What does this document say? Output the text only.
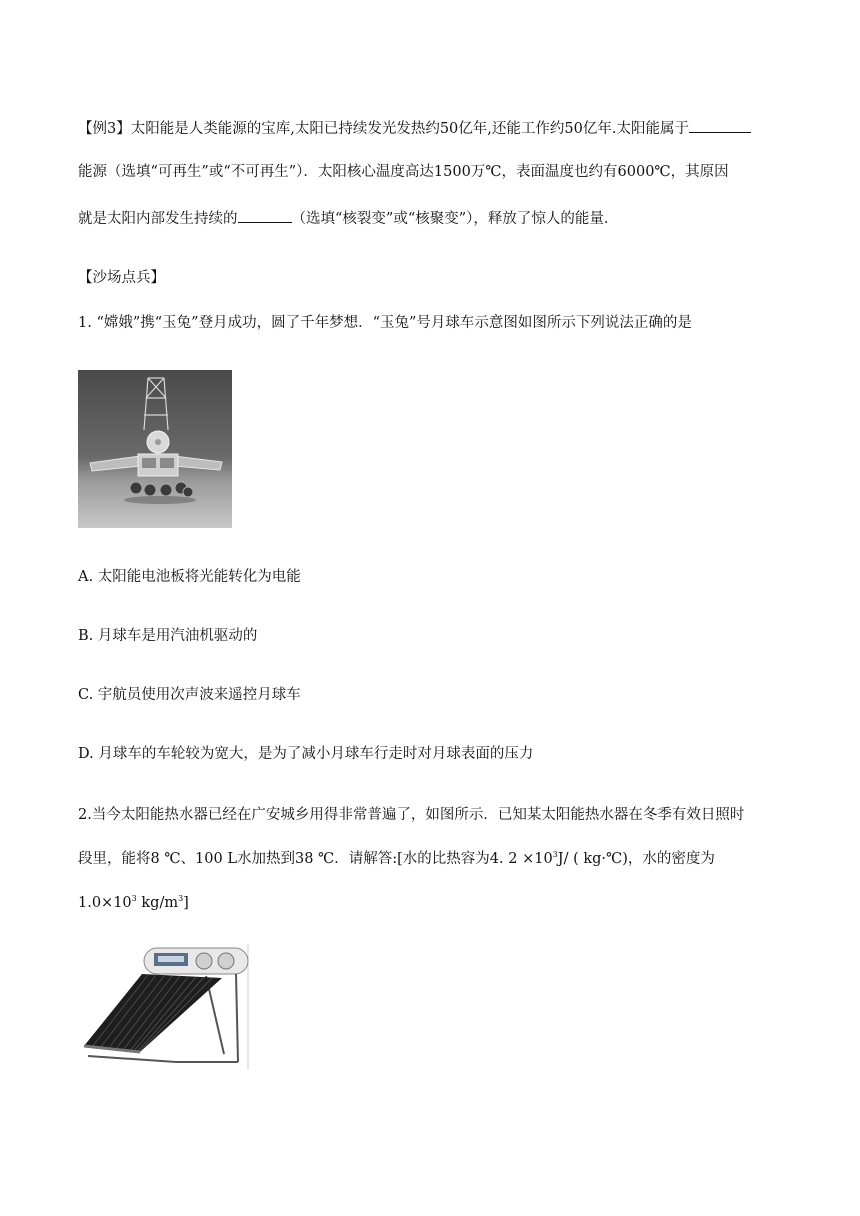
【例3】太阳能是人类能源的宝库,太阳已持续发光发热约50亿年,还能工作约50亿年.太阳能属于
能源（选填“可再生”或“不可再生”）．太阳核心温度高达1500万℃，表面温度也约有6000℃，其原因
就是太阳内部发生持续的	（选填“核裂变”或“核聚变”），释放了惊人的能量．
【沙场点兵】
1. “嫦娥”携“玉兔”登月成功，圆了千年梦想．“玉兔”号月球车示意图如图所示下列说法正确的是
A. 太阳能电池板将光能转化为电能
B. 月球车是用汽油机驱动的
C. 宇航员使用次声波来遥控月球车
D. 月球车的车轮较为宽大，是为了减小月球车行走时对月球表面的压力
2.当今太阳能热水器已经在广安城乡用得非常普遍了，如图所示．已知某太阳能热水器在冬季有效日照时
段里，能将8 ℃、100 L水加热到38 ℃．请解答:[水的比热容为4. $2 \times 10^3J/$ ( kg·℃)，水的密度为
$1.0\times 10^3$ $kg/m^3$]
